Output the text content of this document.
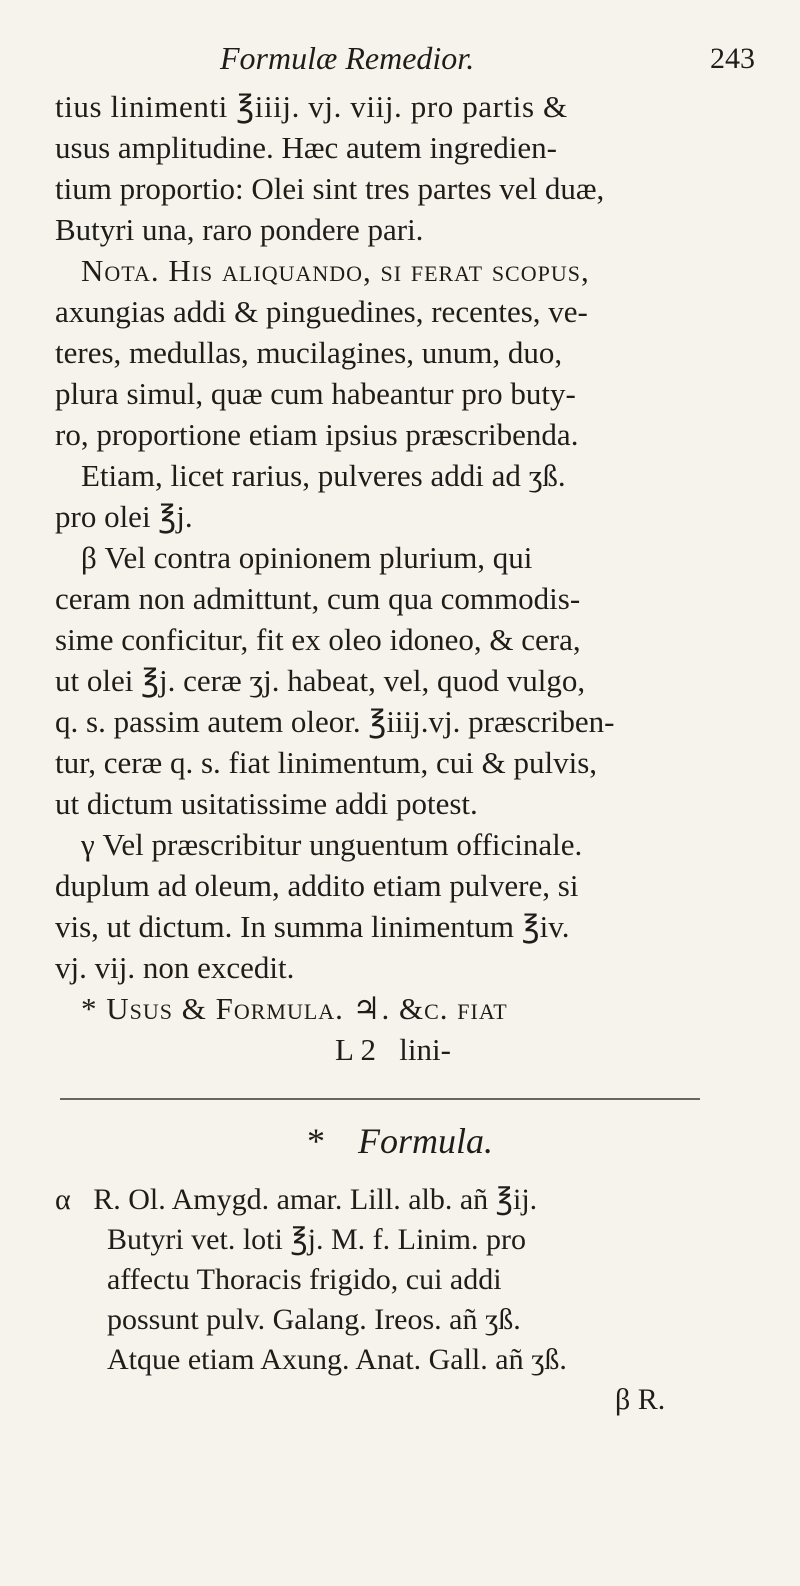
Formulæ Remedior.	243
tius linimenti ℥iiij. vj. viij. pro partis &
usus amplitudine. Hæc autem ingredien-
tium proportio: Olei sint tres partes vel duæ,
Butyri una, raro pondere pari.
Nota. His aliquando, si ferat scopus,
axungias addi & pinguedines, recentes, ve-
teres, medullas, mucilagines, unum, duo,
plura simul, quæ cum habeantur pro buty-
ro, proportione etiam ipsius præscribenda.
Etiam, licet rarius, pulveres addi ad ʒß.
pro olei ℥j.
β Vel contra opinionem plurium, qui
ceram non admittunt, cum qua commodis-
sime conficitur, fit ex oleo idoneo, & cera,
ut olei ℥j. ceræ ʒj. habeat, vel, quod vulgo,
q. s. passim autem oleor. ℥iiij.vj. præscriben-
tur, ceræ q. s. fiat linimentum, cui & pulvis,
ut dictum usitatissime addi potest.
γ Vel præscribitur unguentum officinale.
duplum ad oleum, addito etiam pulvere, si
vis, ut dictum. In summa linimentum ℥iv.
vj. vij. non excedit.
* Usus & Formula. ♃. &c. fiat
L 2   lini-
* Formula.
α   R. Ol. Amygd. amar. Lill. alb. añ ℥ij.
Butyri vet. loti ℥j. M. f. Linim. pro
affectu Thoracis frigido, cui addi
possunt pulv. Galang. Ireos. añ ʒß.
Atque etiam Axung. Anat. Gall. añ ʒß.
β R.
